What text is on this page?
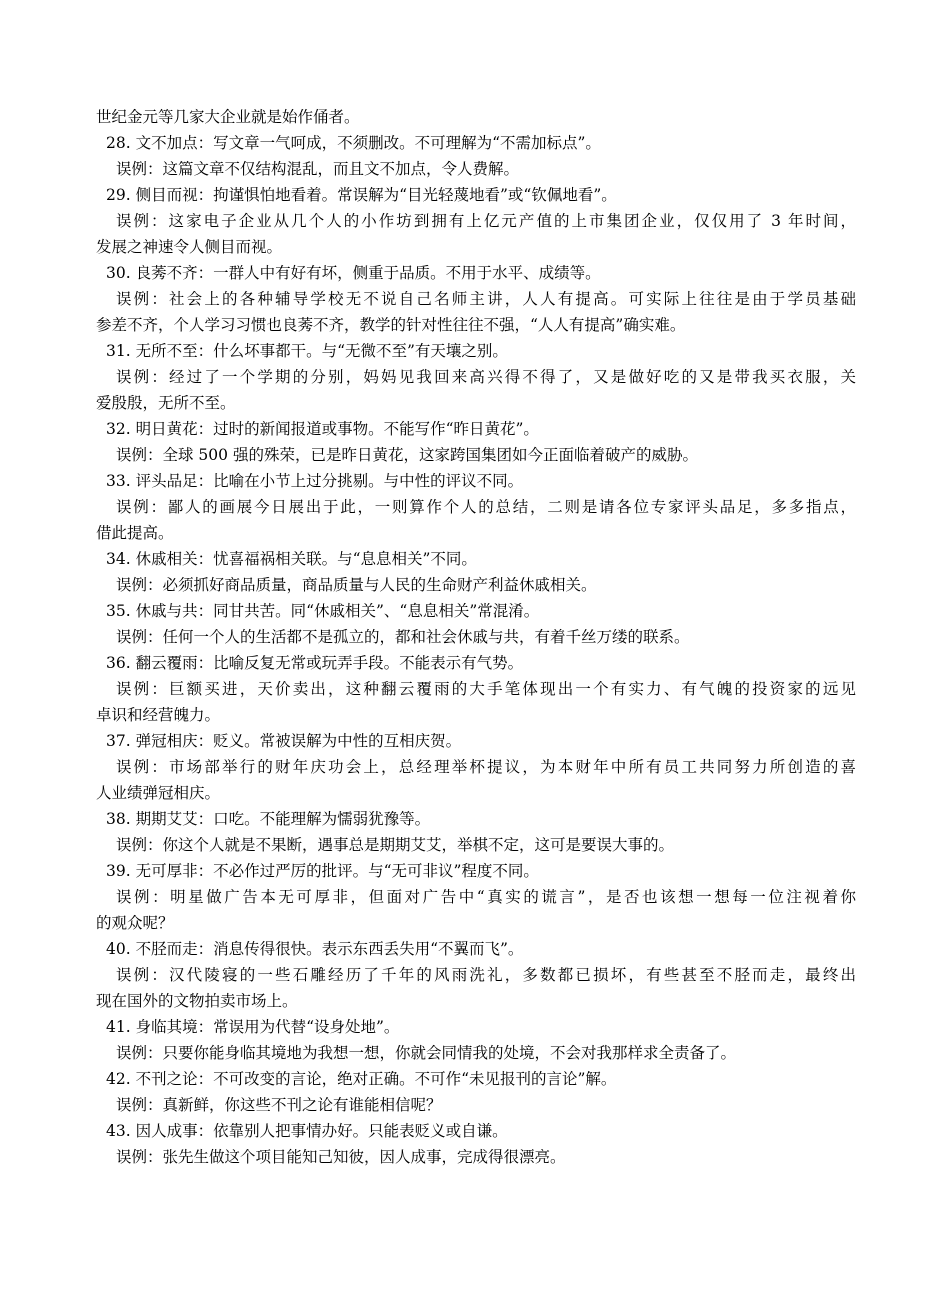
世纪金元等几家大企业就是始作俑者。
28. 文不加点：写文章一气呵成，不须删改。不可理解为“不需加标点”。
误例：这篇文章不仅结构混乱，而且文不加点，令人费解。
29. 侧目而视：拘谨惧怕地看着。常误解为“目光轻蔑地看”或“钦佩地看”。
误例：这家电子企业从几个人的小作坊到拥有上亿元产值的上市集团企业，仅仅用了 3 年时间，
发展之神速令人侧目而视。
30. 良莠不齐：一群人中有好有坏，侧重于品质。不用于水平、成绩等。
误例：社会上的各种辅导学校无不说自己名师主讲，人人有提高。可实际上往往是由于学员基础
参差不齐，个人学习习惯也良莠不齐，教学的针对性往往不强，“人人有提高”确实难。
31. 无所不至：什么坏事都干。与“无微不至”有天壤之别。
误例：经过了一个学期的分别，妈妈见我回来高兴得不得了，又是做好吃的又是带我买衣服，关
爱殷殷，无所不至。
32. 明日黄花：过时的新闻报道或事物。不能写作“昨日黄花”。
误例：全球 500 强的殊荣，已是昨日黄花，这家跨国集团如今正面临着破产的威胁。
33. 评头品足：比喻在小节上过分挑剔。与中性的评议不同。
误例：鄙人的画展今日展出于此，一则算作个人的总结，二则是请各位专家评头品足，多多指点，
借此提高。
34. 休戚相关：忧喜福祸相关联。与“息息相关”不同。
误例：必须抓好商品质量，商品质量与人民的生命财产利益休戚相关。
35. 休戚与共：同甘共苦。同“休戚相关”、“息息相关”常混淆。
误例：任何一个人的生活都不是孤立的，都和社会休戚与共，有着千丝万缕的联系。
36. 翻云覆雨：比喻反复无常或玩弄手段。不能表示有气势。
误例：巨额买进，天价卖出，这种翻云覆雨的大手笔体现出一个有实力、有气魄的投资家的远见
卓识和经营魄力。
37. 弹冠相庆：贬义。常被误解为中性的互相庆贺。
误例：市场部举行的财年庆功会上，总经理举杯提议，为本财年中所有员工共同努力所创造的喜
人业绩弹冠相庆。
38. 期期艾艾：口吃。不能理解为懦弱犹豫等。
误例：你这个人就是不果断，遇事总是期期艾艾，举棋不定，这可是要误大事的。
39. 无可厚非：不必作过严厉的批评。与“无可非议”程度不同。
误例：明星做广告本无可厚非，但面对广告中“真实的谎言”，是否也该想一想每一位注视着你
的观众呢？
40. 不胫而走：消息传得很快。表示东西丢失用“不翼而飞”。
误例：汉代陵寝的一些石雕经历了千年的风雨洗礼，多数都已损坏，有些甚至不胫而走，最终出
现在国外的文物拍卖市场上。
41. 身临其境：常误用为代替“设身处地”。
误例：只要你能身临其境地为我想一想，你就会同情我的处境，不会对我那样求全责备了。
42. 不刊之论：不可改变的言论，绝对正确。不可作“未见报刊的言论”解。
误例：真新鲜，你这些不刊之论有谁能相信呢？
43. 因人成事：依靠别人把事情办好。只能表贬义或自谦。
误例：张先生做这个项目能知己知彼，因人成事，完成得很漂亮。
